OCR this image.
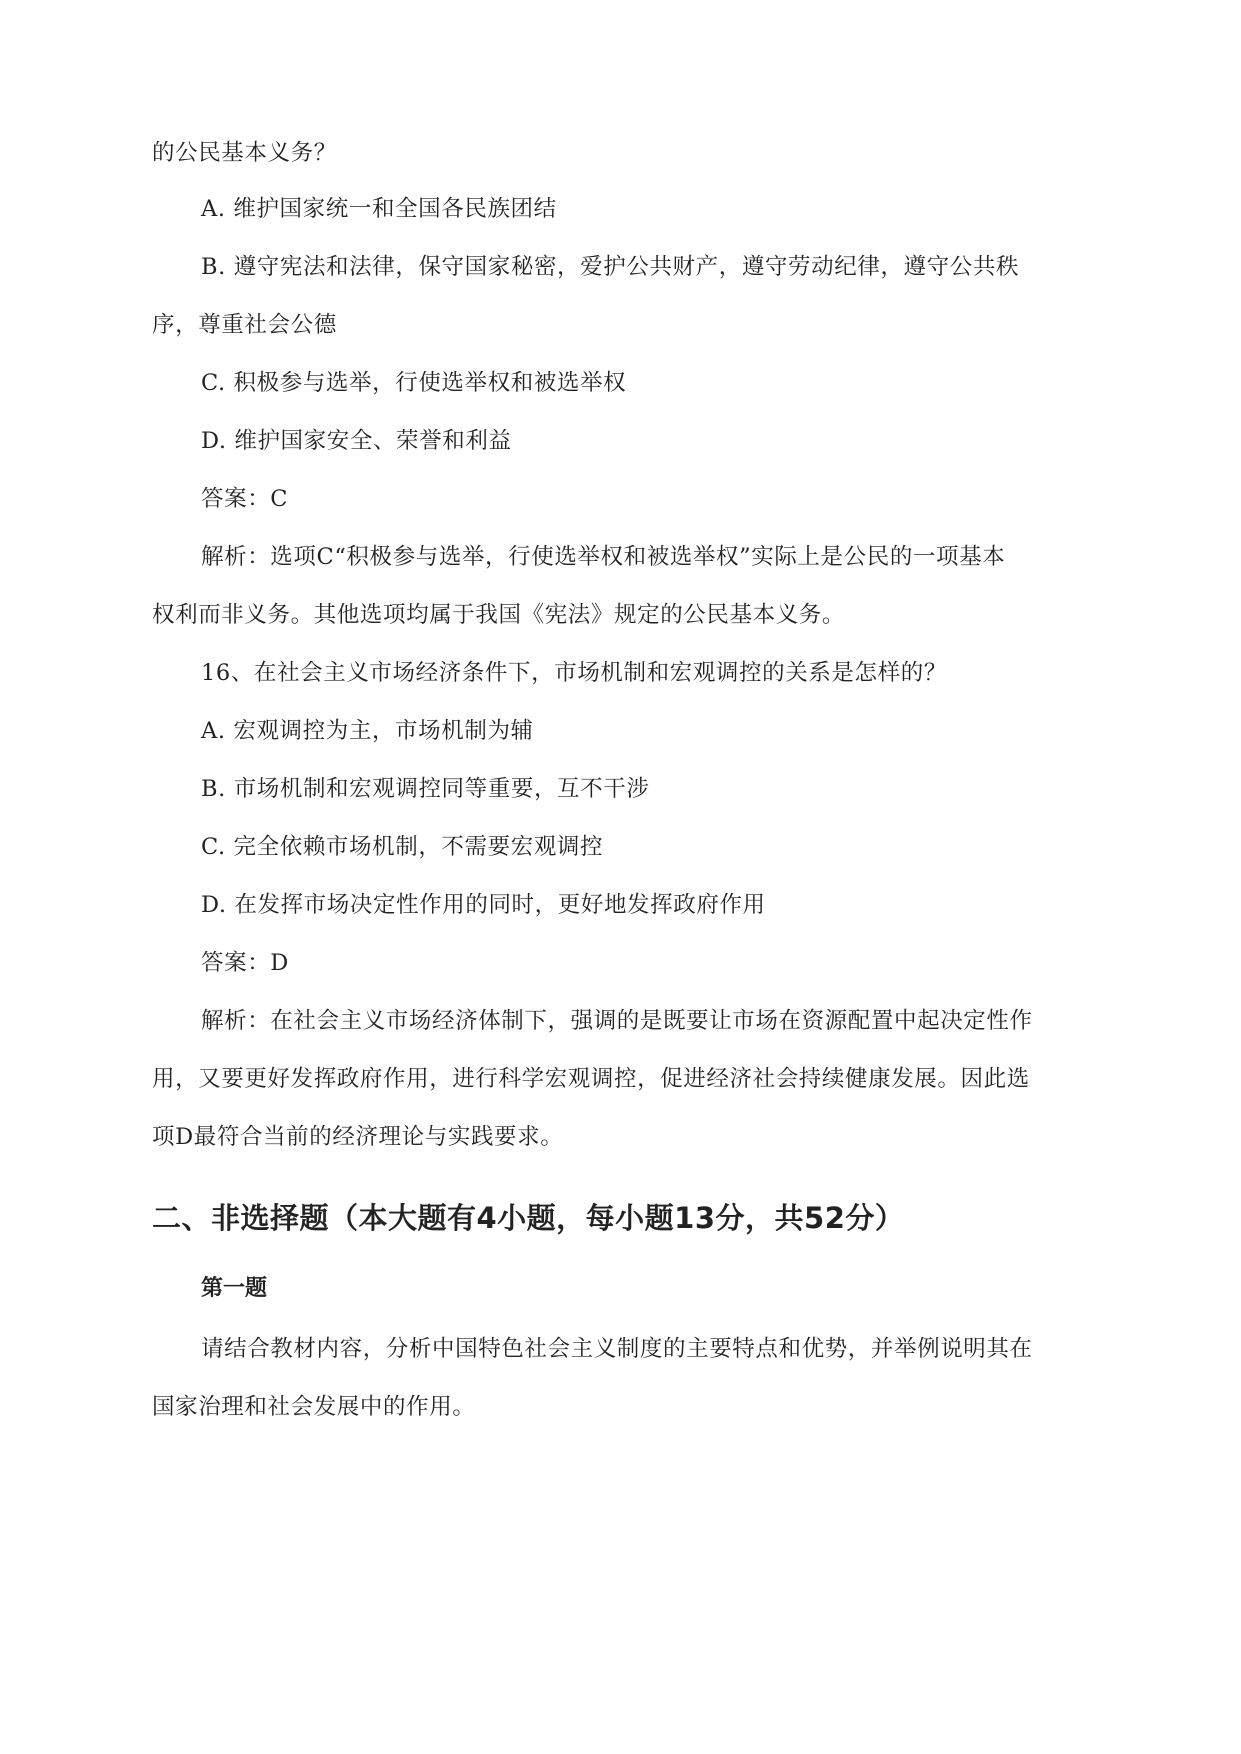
的公民基本义务？
A. 维护国家统一和全国各民族团结
B. 遵守宪法和法律，保守国家秘密，爱护公共财产，遵守劳动纪律，遵守公共秩
序，尊重社会公德
C. 积极参与选举，行使选举权和被选举权
D. 维护国家安全、荣誉和利益
答案：C
解析：选项C“积极参与选举，行使选举权和被选举权”实际上是公民的一项基本
权利而非义务。其他选项均属于我国《宪法》规定的公民基本义务。
16、在社会主义市场经济条件下，市场机制和宏观调控的关系是怎样的？
A. 宏观调控为主，市场机制为辅
B. 市场机制和宏观调控同等重要，互不干涉
C. 完全依赖市场机制，不需要宏观调控
D. 在发挥市场决定性作用的同时，更好地发挥政府作用
答案：D
解析：在社会主义市场经济体制下，强调的是既要让市场在资源配置中起决定性作
用，又要更好发挥政府作用，进行科学宏观调控，促进经济社会持续健康发展。因此选
项D最符合当前的经济理论与实践要求。
二、非选择题（本大题有4小题，每小题13分，共52分）
第一题
请结合教材内容，分析中国特色社会主义制度的主要特点和优势，并举例说明其在
国家治理和社会发展中的作用。
